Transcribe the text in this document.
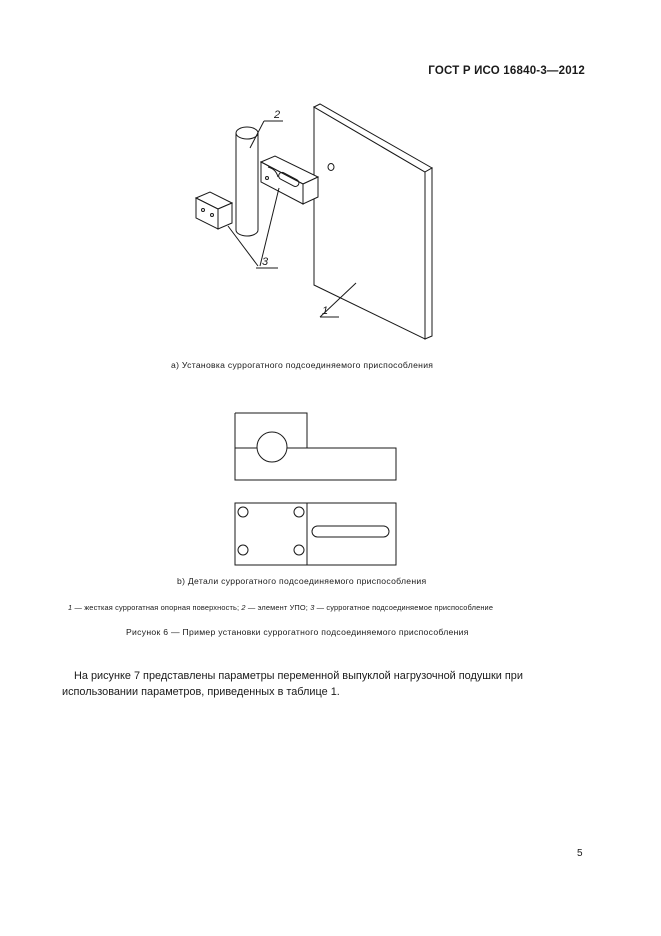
ГОСТ Р ИСО 16840-3—2012
2
3
1
а) Установка суррогатного подсоединяемого приспособления
b) Детали суррогатного подсоединяемого приспособления
1 — жесткая суррогатная опорная поверхность; 2 — элемент УПО; 3 — суррогатное подсоединяемое приспособление
Рисунок 6 — Пример установки суррогатного подсоединяемого приспособления
На рисунке 7 представлены параметры переменной выпуклой нагрузочной подушки при использовании параметров, приведенных в таблице 1.
5
